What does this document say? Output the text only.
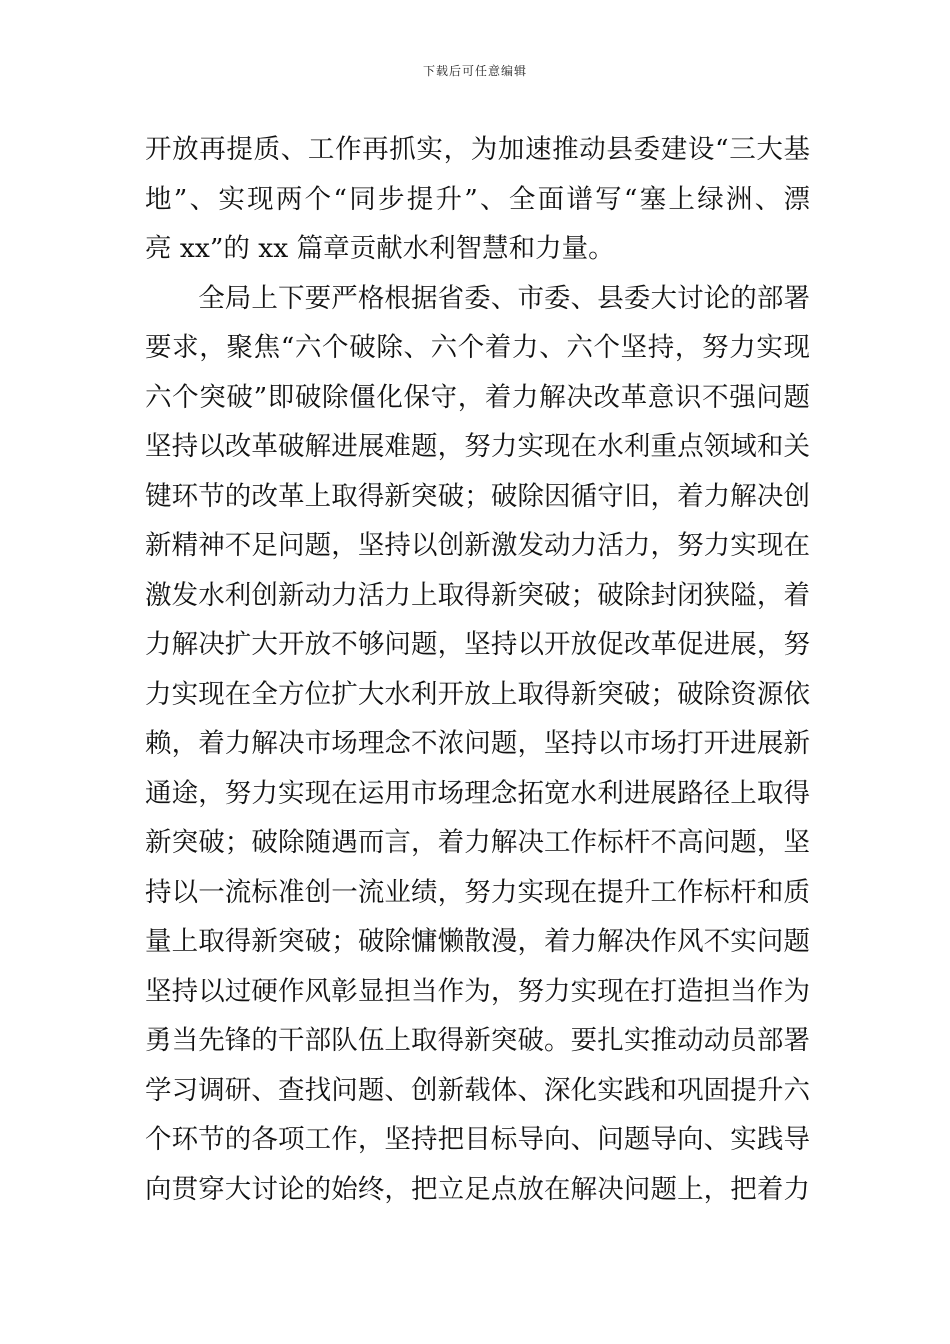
下载后可任意编辑
开放再提质、工作再抓实，为加速推动县委建设“三大基
地”、实现两个“同步提升”、全面谱写“塞上绿洲、漂
亮 xx”的 xx 篇章贡献水利智慧和力量。
　　全局上下要严格根据省委、市委、县委大讨论的部署
要求，聚焦“六个破除、六个着力、六个坚持，努力实现
六个突破”即破除僵化保守，着力解决改革意识不强问题
坚持以改革破解进展难题，努力实现在水利重点领域和关
键环节的改革上取得新突破；破除因循守旧，着力解决创
新精神不足问题，坚持以创新激发动力活力，努力实现在
激发水利创新动力活力上取得新突破；破除封闭狭隘，着
力解决扩大开放不够问题，坚持以开放促改革促进展，努
力实现在全方位扩大水利开放上取得新突破；破除资源依
赖，着力解决市场理念不浓问题，坚持以市场打开进展新
通途，努力实现在运用市场理念拓宽水利进展路径上取得
新突破；破除随遇而言，着力解决工作标杆不高问题，坚
持以一流标准创一流业绩，努力实现在提升工作标杆和质
量上取得新突破；破除慵懒散漫，着力解决作风不实问题
坚持以过硬作风彰显担当作为，努力实现在打造担当作为
勇当先锋的干部队伍上取得新突破。要扎实推动动员部署
学习调研、查找问题、创新载体、深化实践和巩固提升六
个环节的各项工作，坚持把目标导向、问题导向、实践导
向贯穿大讨论的始终，把立足点放在解决问题上，把着力
